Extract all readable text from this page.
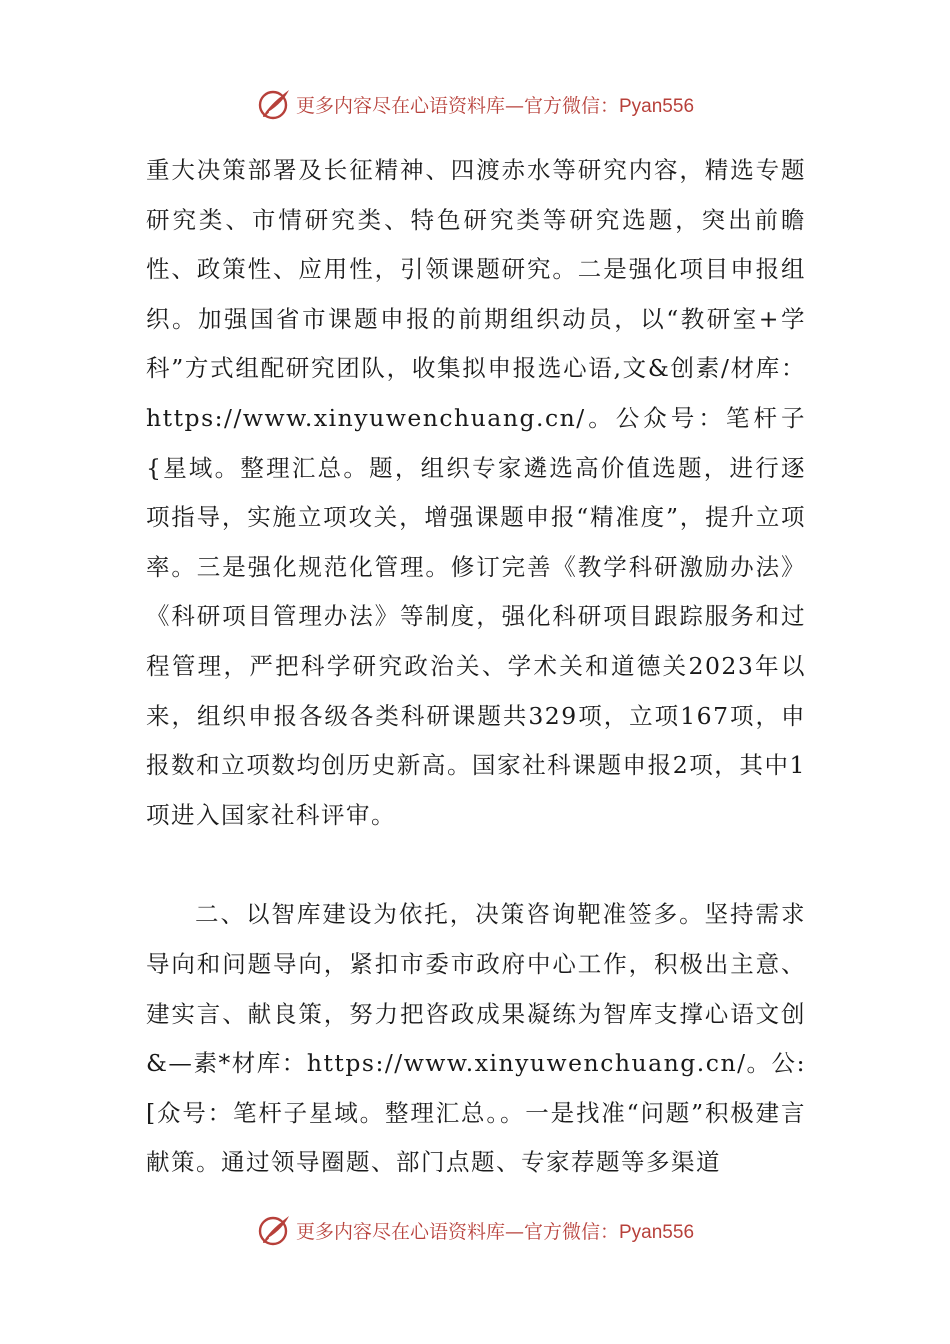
更多内容尽在心语资料库—官方微信：Pyan556

重大决策部署及长征精神、四渡赤水等研究内容，精选专题研究类、市情研究类、特色研究类等研究选题，突出前瞻性、政策性、应用性，引领课题研究。二是强化项目申报组织。加强国省市课题申报的前期组织动员，以“教研室+学科”方式组配研究团队，收集拟申报选心语,文&创素/材库：https://www.xinyuwenchuang.cn/。公众号：笔杆子{星域。整理汇总。题，组织专家遴选高价值选题，进行逐项指导，实施立项攻关，增强课题申报“精准度”，提升立项率。三是强化规范化管理。修订完善《教学科研激励办法》《科研项目管理办法》等制度，强化科研项目跟踪服务和过程管理，严把科学研究政治关、学术关和道德关2023年以来，组织申报各级各类科研课题共329项，立项167项，申报数和立项数均创历史新高。国家社科课题申报2项，其中1项进入国家社科评审。

二、以智库建设为依托，决策咨询靶准签多。坚持需求导向和问题导向，紧扣市委市政府中心工作，积极出主意、建实言、献良策，努力把咨政成果凝练为智库支撑心语文创&—素*材库：https://www.xinyuwenchuang.cn/。公:[众号：笔杆子星域。整理汇总。。一是找准“问题”积极建言献策。通过领导圈题、部门点题、专家荐题等多渠道

更多内容尽在心语资料库—官方微信：Pyan556
